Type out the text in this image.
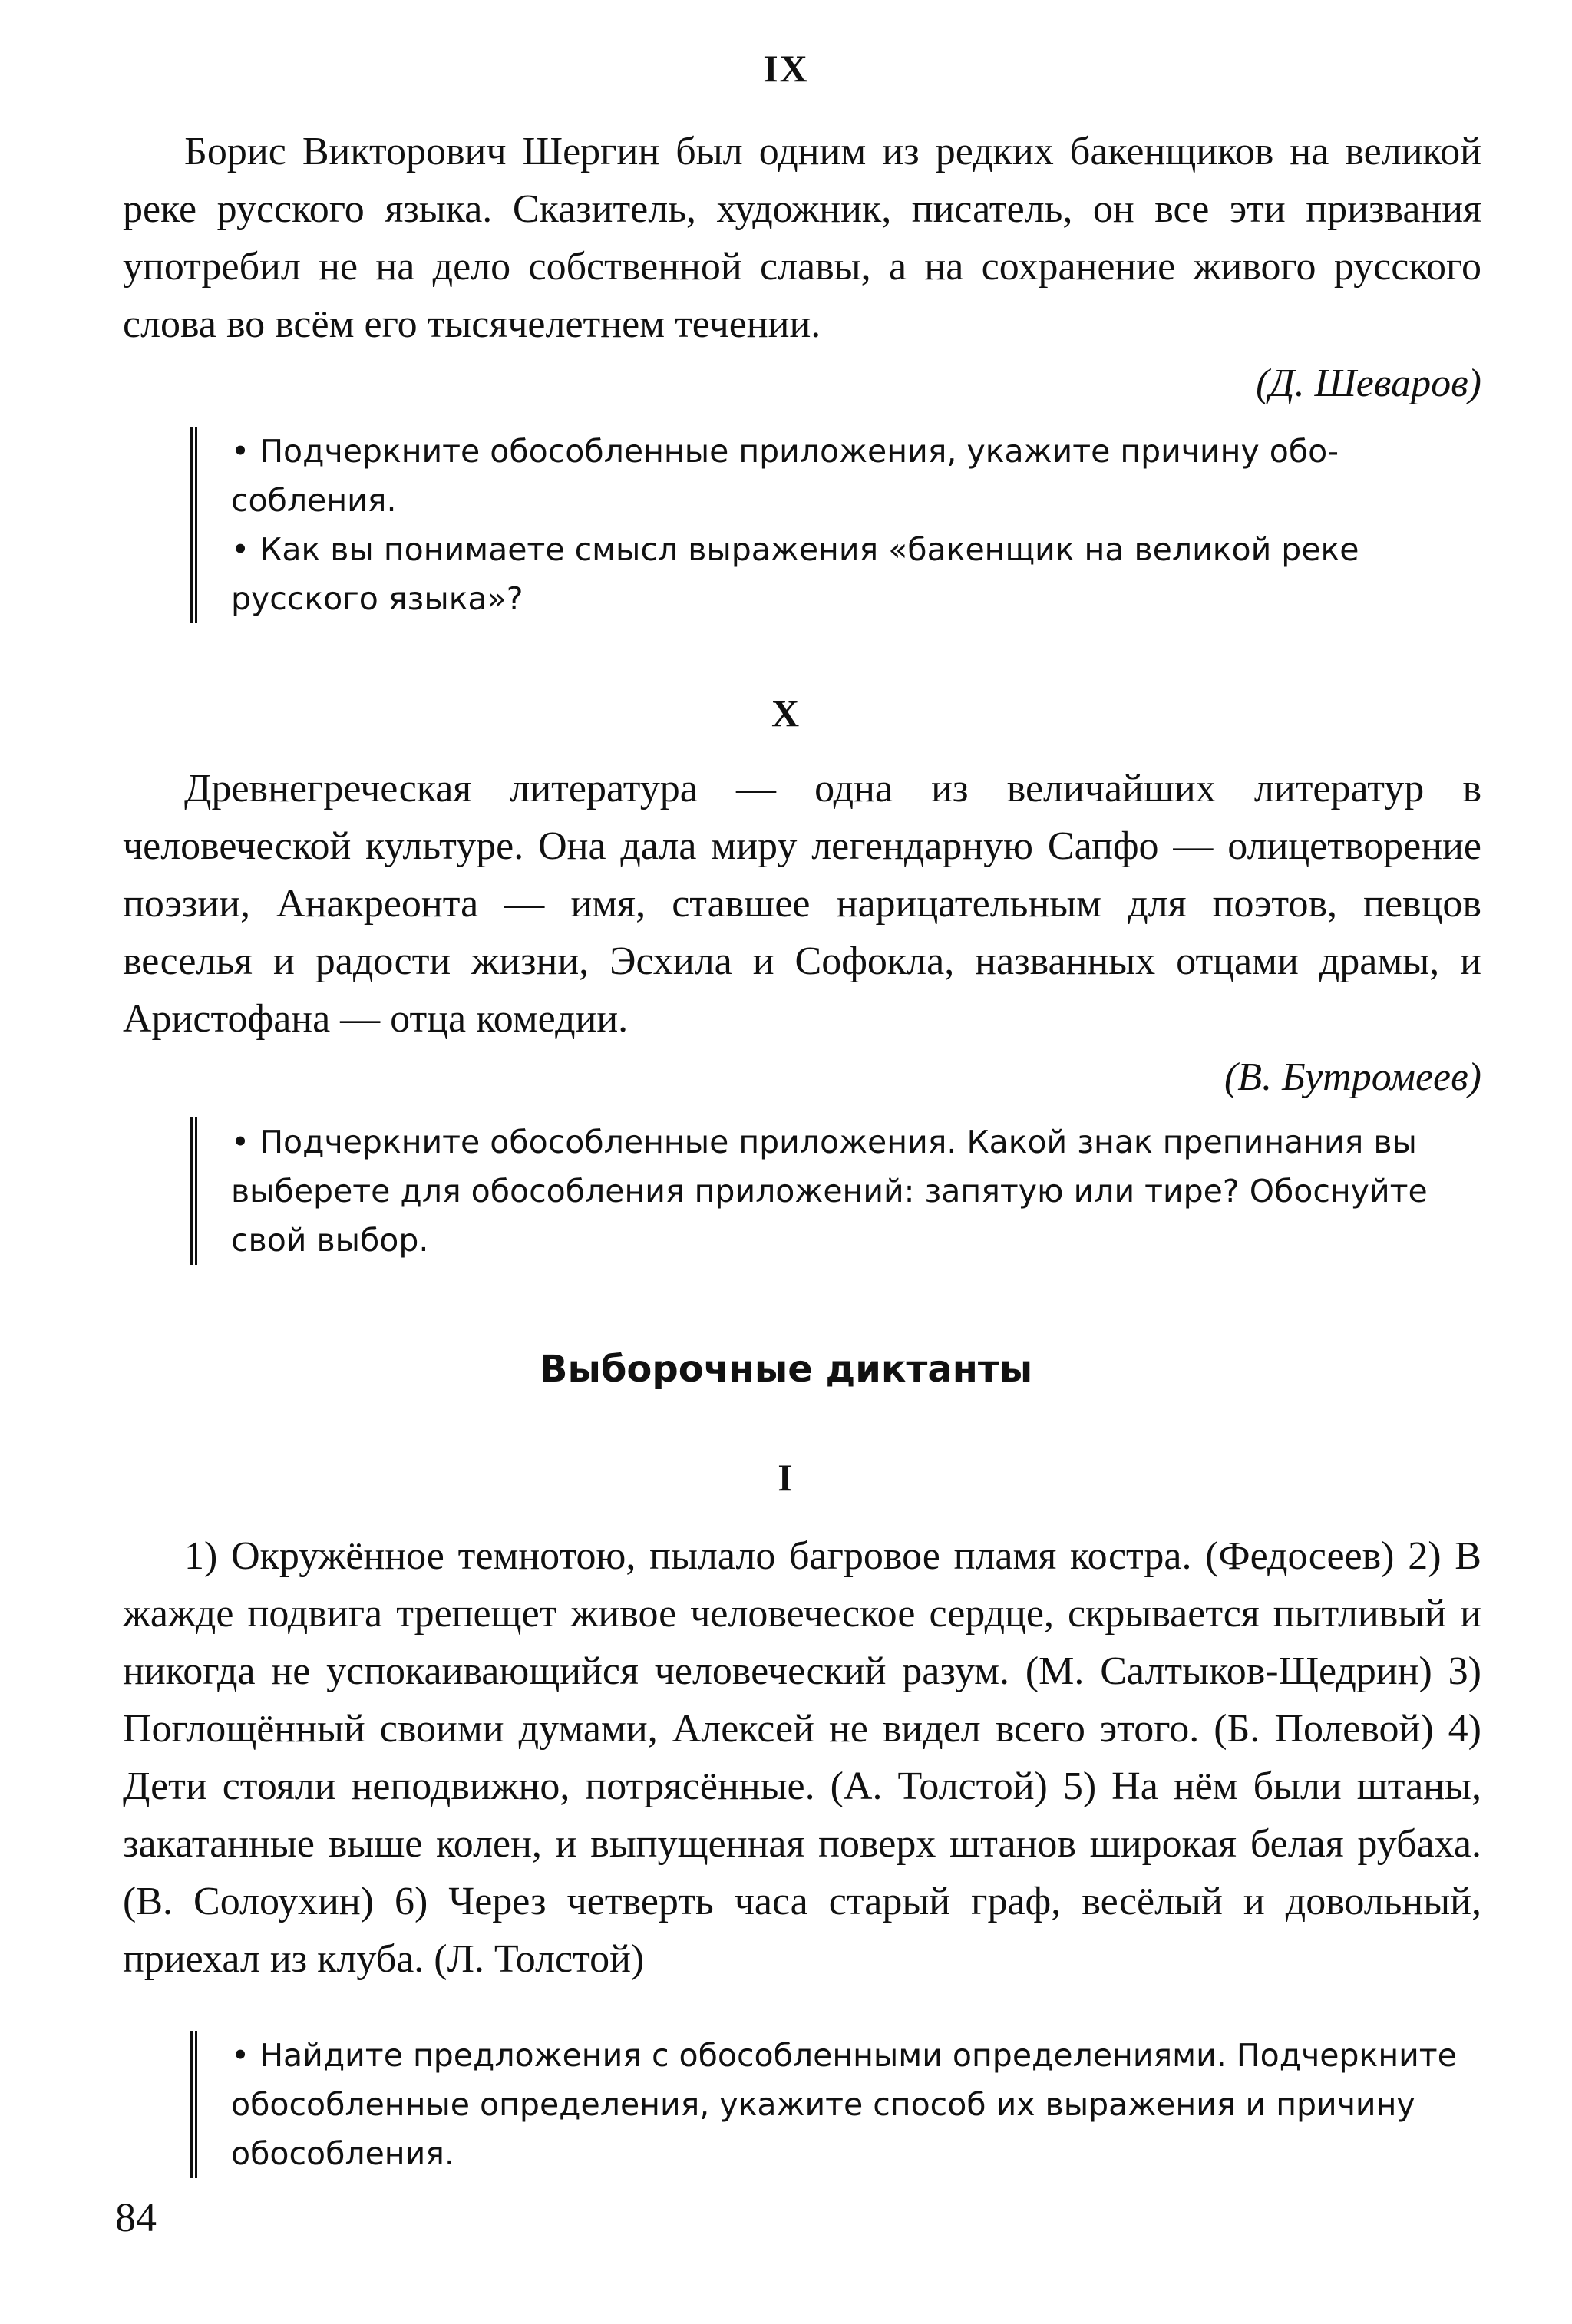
IX
Борис Викторович Шергин был одним из редких бакенщиков на великой реке русского языка. Сказитель, художник, писатель, он все эти призвания употребил не на дело собственной славы, а на сохранение живого русского слова во всём его тысячелетнем течении.
(Д. Шеваров)

• Подчеркните обособленные приложения, укажите причину обособления.

• Как вы понимаете смысл выражения «бакенщик на великой реке русского языка»?

X
Древнегреческая литература — одна из величайших литератур в человеческой культуре. Она дала миру легендарную Сапфо — олицетворение поэзии, Анакреонта — имя, ставшее нарицательным для поэтов, певцов веселья и радости жизни, Эсхила и Софокла, названных отцами драмы, и Аристофана — отца комедии.
(В. Бутромеев)

• Подчеркните обособленные приложения. Какой знак препинания вы выберете для обособления приложений: запятую или тире? Обоснуйте свой выбор.

Выборочные диктанты
I
1) Окружённое темнотою, пылало багровое пламя костра. (Федосеев) 2) В жажде подвига трепещет живое человеческое сердце, скрывается пытливый и никогда не успокаивающийся человеческий разум. (М. Салтыков-Щедрин) 3) Поглощённый своими думами, Алексей не видел всего этого. (Б. Полевой) 4) Дети стояли неподвижно, потрясённые. (А. Толстой) 5) На нём были штаны, закатанные выше колен, и выпущенная поверх штанов широкая белая рубаха. (В. Солоухин) 6) Через четверть часа старый граф, весёлый и довольный, приехал из клуба. (Л. Толстой)

• Найдите предложения с обособленными определениями. Подчеркните обособленные определения, укажите способ их выражения и причину обособления.

84
